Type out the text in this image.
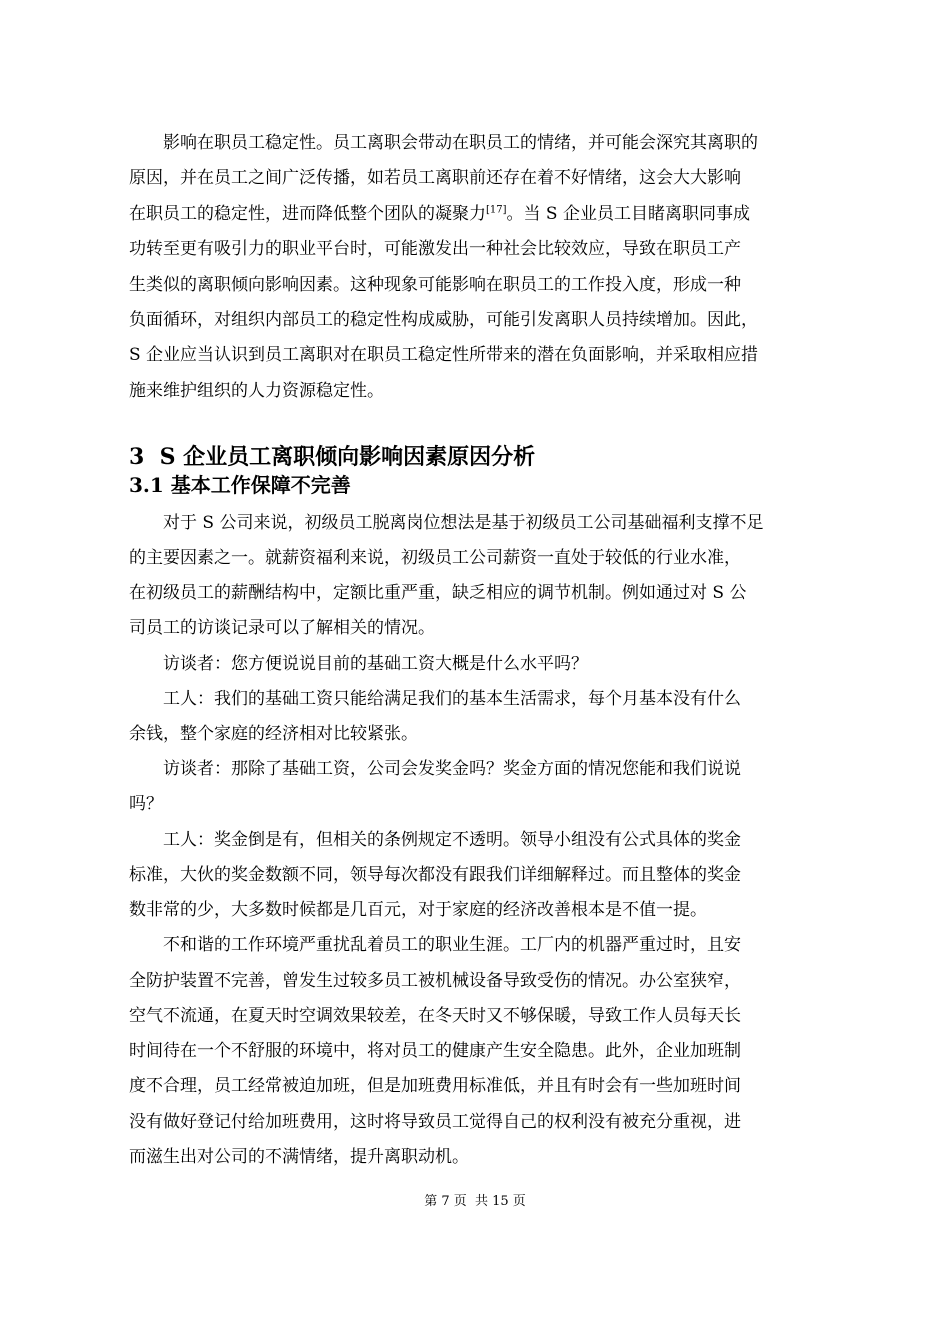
影响在职员工稳定性。员工离职会带动在职员工的情绪，并可能会深究其离职的
原因，并在员工之间广泛传播，如若员工离职前还存在着不好情绪，这会大大影响
在职员工的稳定性，进而降低整个团队的凝聚力[17]。当 S 企业员工目睹离职同事成
功转至更有吸引力的职业平台时，可能激发出一种社会比较效应，导致在职员工产
生类似的离职倾向影响因素。这种现象可能影响在职员工的工作投入度，形成一种
负面循环，对组织内部员工的稳定性构成威胁，可能引发离职人员持续增加。因此，
S 企业应当认识到员工离职对在职员工稳定性所带来的潜在负面影响，并采取相应措
施来维护组织的人力资源稳定性。
3  S 企业员工离职倾向影响因素原因分析
3.1 基本工作保障不完善
对于 S 公司来说，初级员工脱离岗位想法是基于初级员工公司基础福利支撑不足
的主要因素之一。就薪资福利来说，初级员工公司薪资一直处于较低的行业水准，
在初级员工的薪酬结构中，定额比重严重，缺乏相应的调节机制。例如通过对 S 公
司员工的访谈记录可以了解相关的情况。
访谈者：您方便说说目前的基础工资大概是什么水平吗？
工人：我们的基础工资只能给满足我们的基本生活需求，每个月基本没有什么
余钱，整个家庭的经济相对比较紧张。
访谈者：那除了基础工资，公司会发奖金吗？奖金方面的情况您能和我们说说
吗？
工人：奖金倒是有，但相关的条例规定不透明。领导小组没有公式具体的奖金
标准，大伙的奖金数额不同，领导每次都没有跟我们详细解释过。而且整体的奖金
数非常的少，大多数时候都是几百元，对于家庭的经济改善根本是不值一提。
不和谐的工作环境严重扰乱着员工的职业生涯。工厂内的机器严重过时，且安
全防护装置不完善，曾发生过较多员工被机械设备导致受伤的情况。办公室狭窄，
空气不流通，在夏天时空调效果较差，在冬天时又不够保暖，导致工作人员每天长
时间待在一个不舒服的环境中，将对员工的健康产生安全隐患。此外，企业加班制
度不合理，员工经常被迫加班，但是加班费用标准低，并且有时会有一些加班时间
没有做好登记付给加班费用，这时将导致员工觉得自己的权利没有被充分重视，进
而滋生出对公司的不满情绪，提升离职动机。
第 7 页  共 15 页
